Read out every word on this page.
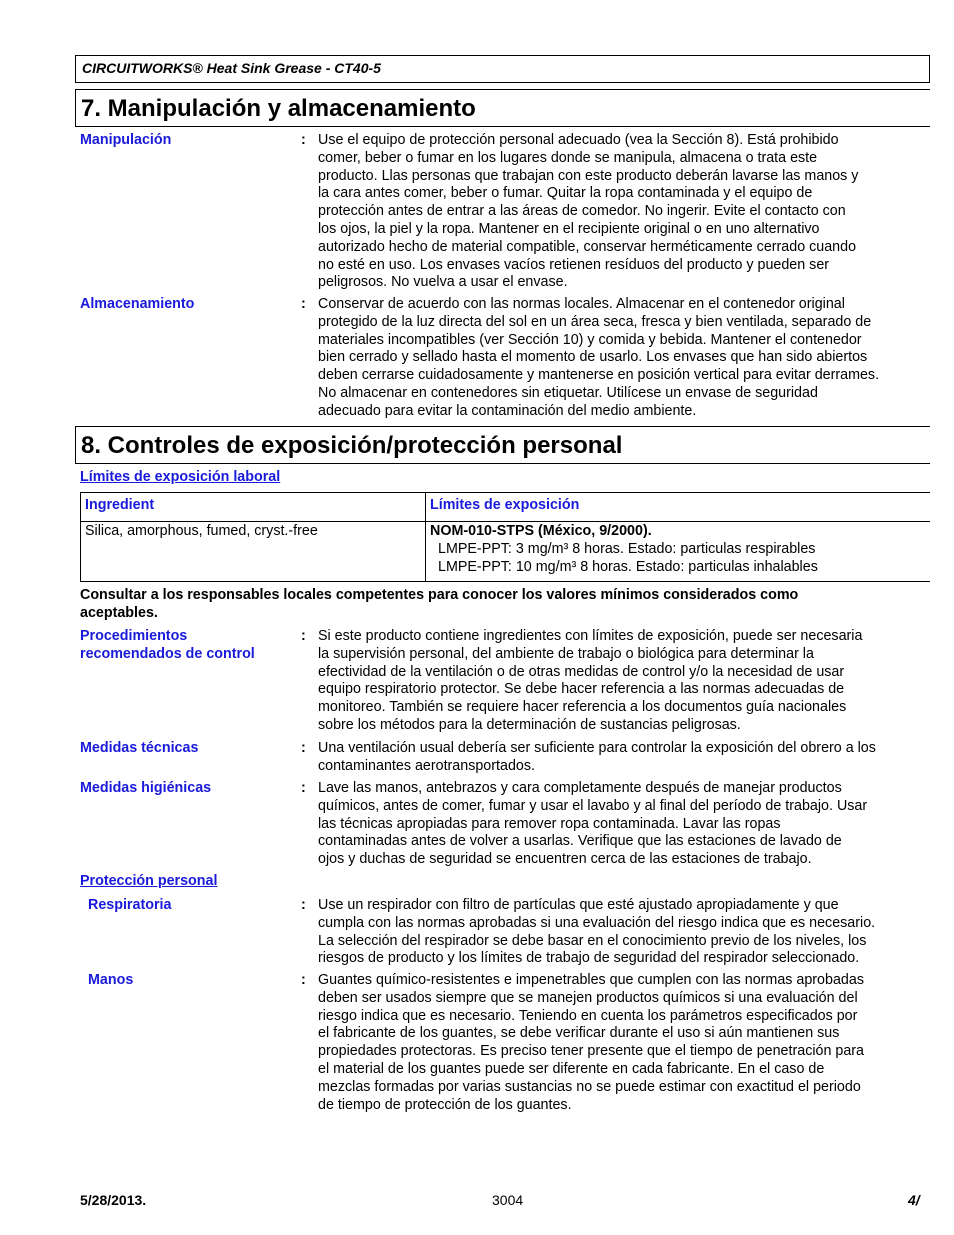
CIRCUITWORKS® Heat Sink Grease - CT40-5
7. Manipulación y almacenamiento
Manipulación	: Use el equipo de protección personal adecuado (vea la Sección 8). Está prohibido
comer, beber o fumar en los lugares donde se manipula, almacena o trata este
producto. Llas personas que trabajan con este producto deberán lavarse las manos y
la cara antes comer, beber o fumar. Quitar la ropa contaminada y el equipo de
protección antes de entrar a las áreas de comedor. No ingerir. Evite el contacto con
los ojos, la piel y la ropa. Mantener en el recipiente original o en uno alternativo
autorizado hecho de material compatible, conservar herméticamente cerrado cuando
no esté en uso. Los envases vacíos retienen resíduos del producto y pueden ser
peligrosos. No vuelva a usar el envase.
Almacenamiento	: Conservar de acuerdo con las normas locales. Almacenar en el contenedor original
protegido de la luz directa del sol en un área seca, fresca y bien ventilada, separado de
materiales incompatibles (ver Sección 10) y comida y bebida. Mantener el contenedor
bien cerrado y sellado hasta el momento de usarlo. Los envases que han sido abiertos
deben cerrarse cuidadosamente y mantenerse en posición vertical para evitar derrames.
No almacenar en contenedores sin etiquetar. Utilícese un envase de seguridad
adecuado para evitar la contaminación del medio ambiente.
8. Controles de exposición/protección personal
Límites de exposición laboral
Ingredient	Límites de exposición
Silica, amorphous, fumed, cryst.-free	NOM-010-STPS (México, 9/2000).
LMPE-PPT: 3 mg/m³ 8 horas. Estado: particulas respirables
LMPE-PPT: 10 mg/m³ 8 horas. Estado: particulas inhalables
Consultar a los responsables locales competentes para conocer los valores mínimos considerados como
aceptables.
Procedimientos
recomendados de control
: Si este producto contiene ingredientes con límites de exposición, puede ser necesaria
la supervisión personal, del ambiente de trabajo o biológica para determinar la
efectividad de la ventilación o de otras medidas de control y/o la necesidad de usar
equipo respiratorio protector. Se debe hacer referencia a las normas adecuadas de
monitoreo. También se requiere hacer referencia a los documentos guía nacionales
sobre los métodos para la determinación de sustancias peligrosas.
Medidas técnicas	: Una ventilación usual debería ser suficiente para controlar la exposición del obrero a los
contaminantes aerotransportados.
Medidas higiénicas	: Lave las manos, antebrazos y cara completamente después de manejar productos
químicos, antes de comer, fumar y usar el lavabo y al final del período de trabajo. Usar
las técnicas apropiadas para remover ropa contaminada. Lavar las ropas
contaminadas antes de volver a usarlas. Verifique que las estaciones de lavado de
ojos y duchas de seguridad se encuentren cerca de las estaciones de trabajo.
Protección personal
Respiratoria	: Use un respirador con filtro de partículas que esté ajustado apropiadamente y que
cumpla con las normas aprobadas si una evaluación del riesgo indica que es necesario.
La selección del respirador se debe basar en el conocimiento previo de los niveles, los
riesgos de producto y los límites de trabajo de seguridad del respirador seleccionado.
Manos	: Guantes químico-resistentes e impenetrables que cumplen con las normas aprobadas
deben ser usados siempre que se manejen productos químicos si una evaluación del
riesgo indica que es necesario. Teniendo en cuenta los parámetros especificados por
el fabricante de los guantes, se debe verificar durante el uso si aún mantienen sus
propiedades protectoras. Es preciso tener presente que el tiempo de penetración para
el material de los guantes puede ser diferente en cada fabricante. En el caso de
mezclas formadas por varias sustancias no se puede estimar con exactitud el periodo
de tiempo de protección de los guantes.
5/28/2013.	3004	4/
